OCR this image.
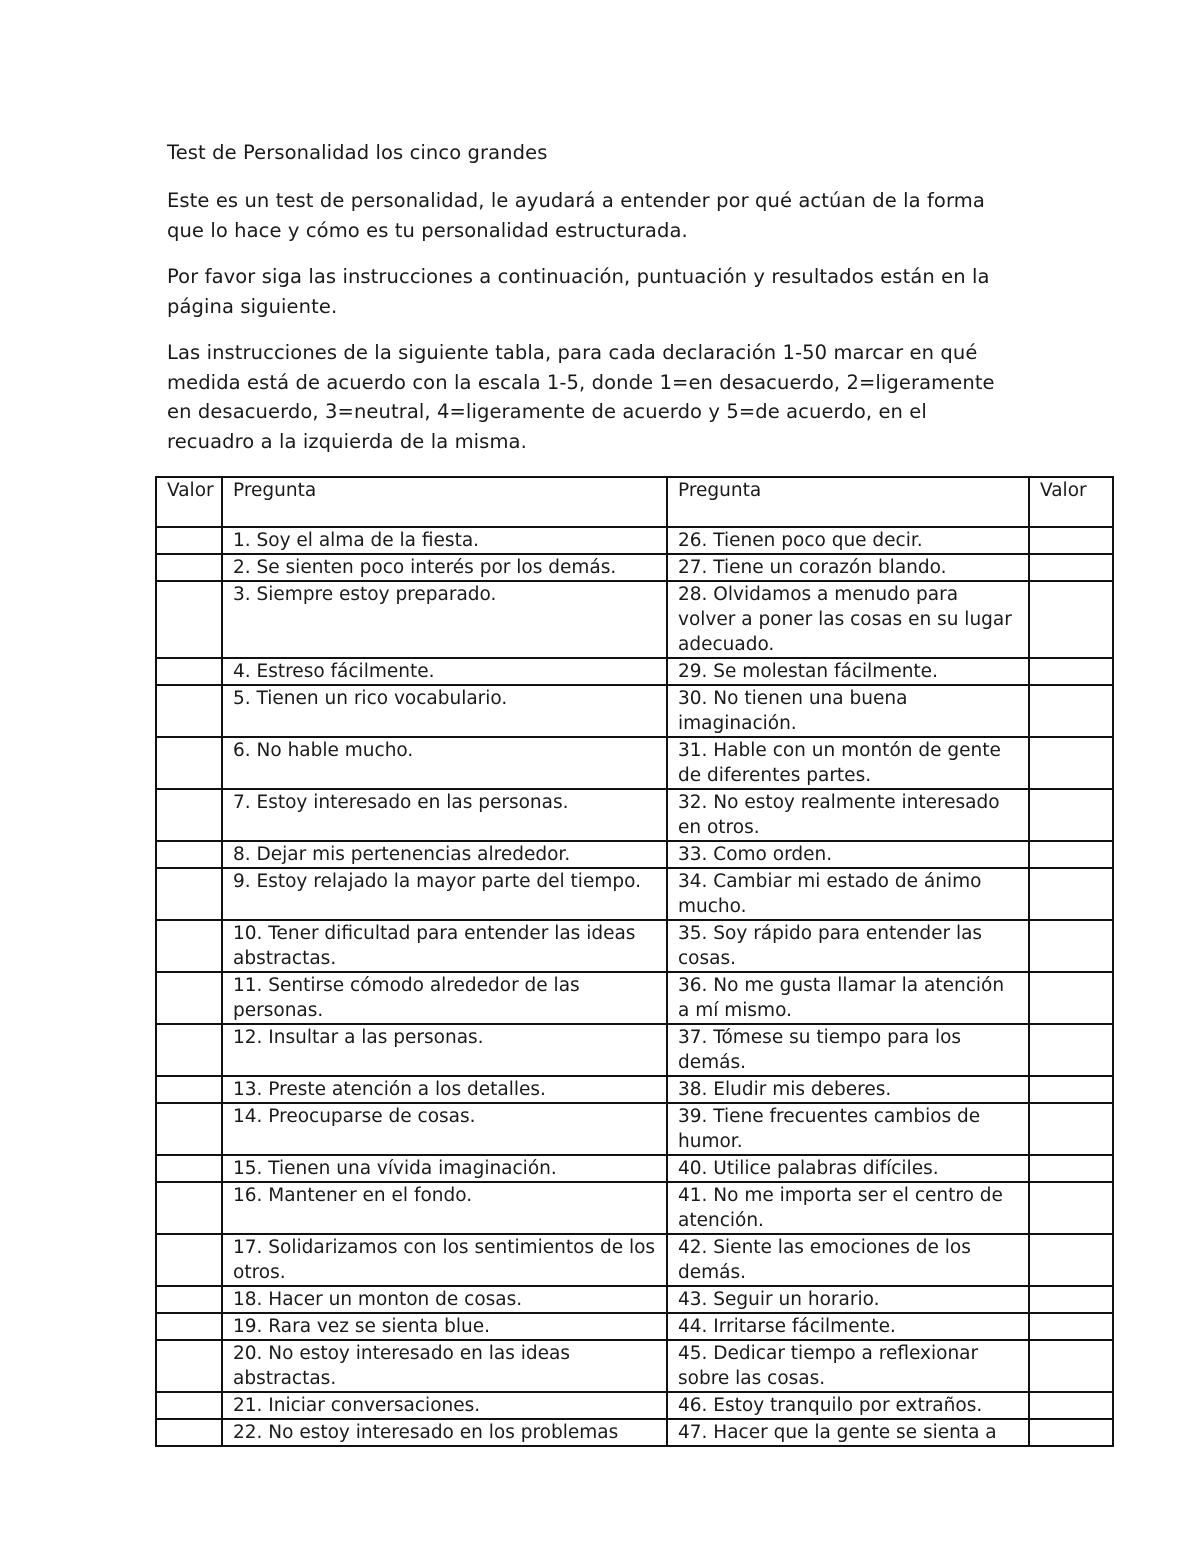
Test de Personalidad los cinco grandes

Este es un test de personalidad, le ayudará a entender por qué actúan de la forma que lo hace y cómo es tu personalidad estructurada.

Por favor siga las instrucciones a continuación, puntuación y resultados están en la página siguiente.

Las instrucciones de la siguiente tabla, para cada declaración 1-50 marcar en qué medida está de acuerdo con la escala 1-5, donde 1=en desacuerdo, 2=ligeramente en desacuerdo, 3=neutral, 4=ligeramente de acuerdo y 5=de acuerdo, en el recuadro a la izquierda de la misma.

Valor	Pregunta	Pregunta	Valor
	1. Soy el alma de la fiesta.	26. Tienen poco que decir.	
	2. Se sienten poco interés por los demás.	27. Tiene un corazón blando.	
	3. Siempre estoy preparado.	28. Olvidamos a menudo para volver a poner las cosas en su lugar adecuado.	
	4. Estreso fácilmente.	29. Se molestan fácilmente.	
	5. Tienen un rico vocabulario.	30. No tienen una buena imaginación.	
	6. No hable mucho.	31. Hable con un montón de gente de diferentes partes.	
	7. Estoy interesado en las personas.	32. No estoy realmente interesado en otros.	
	8. Dejar mis pertenencias alrededor.	33. Como orden.	
	9. Estoy relajado la mayor parte del tiempo.	34. Cambiar mi estado de ánimo mucho.	
	10. Tener dificultad para entender las ideas abstractas.	35. Soy rápido para entender las cosas.	
	11. Sentirse cómodo alrededor de las personas.	36. No me gusta llamar la atención a mí mismo.	
	12. Insultar a las personas.	37. Tómese su tiempo para los demás.	
	13. Preste atención a los detalles.	38. Eludir mis deberes.	
	14. Preocuparse de cosas.	39. Tiene frecuentes cambios de humor.	
	15. Tienen una vívida imaginación.	40. Utilice palabras difíciles.	
	16. Mantener en el fondo.	41. No me importa ser el centro de atención.	
	17. Solidarizamos con los sentimientos de los otros.	42. Siente las emociones de los demás.	
	18. Hacer un monton de cosas.	43. Seguir un horario.	
	19. Rara vez se sienta blue.	44. Irritarse fácilmente.	
	20. No estoy interesado en las ideas abstractas.	45. Dedicar tiempo a reflexionar sobre las cosas.	
	21. Iniciar conversaciones.	46. Estoy tranquilo por extraños.	
	22. No estoy interesado en los problemas	47. Hacer que la gente se sienta a	
